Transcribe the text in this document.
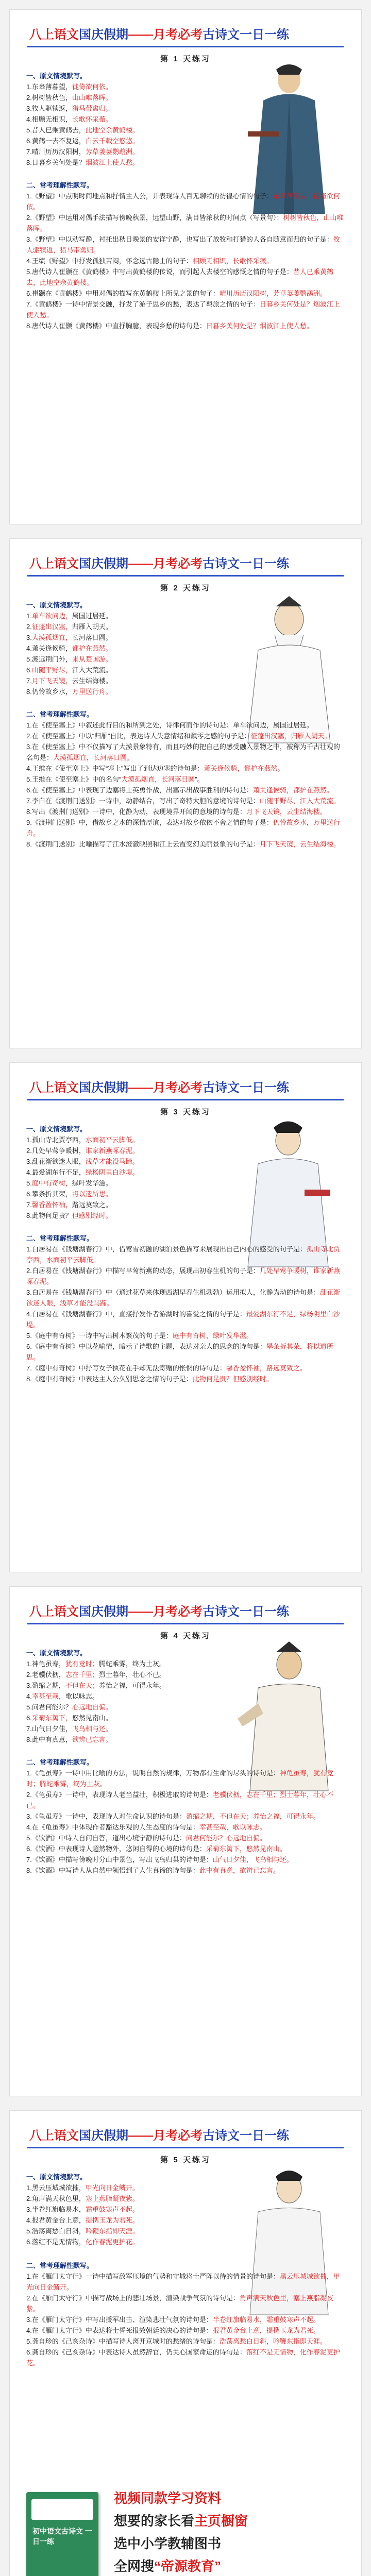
八上语文国庆假期——月考必考古诗文一日一练
第 1 天练习
一、原文情境默写。
1.东皋薄暮望，徙倚欲何依。
2.树树皆秋色，山山唯落晖。
3.牧人驱犊返，猎马带禽归。
4.相顾无相识，长歌怀采薇。
5.昔人已乘黄鹤去，此地空余黄鹤楼。
6.黄鹤一去不复返，白云千载空悠悠。
7.晴川历历汉阳树，芳草萋萋鹦鹉洲。
8.日暮乡关何处是？烟波江上使人愁。
二、常考理解性默写。
1.《野望》中点明时间地点和抒情主人公，并表现诗人百无聊赖的彷徨心情的句子：东皋薄暮望，徙倚欲何依。
2.《野望》中运用对偶手法描写傍晚秋景，远望山野，满目皆浓秋的时间点（写景句）：树树皆秋色，山山唯落晖。
3.《野望》中以动写静，衬托出秋日晚景的安详宁静，也写出了放牧和打猎的人各自随意而归的句子是：牧人驱犊返，猎马带禽归。
4.王绩《野望》中抒发孤独苦闷，怀念远古隐士的句子：相顾无相识，长歌怀采薇。
5.唐代诗人崔颢在《黄鹤楼》中写出黄鹤楼的传说，而引起人去楼空的感慨之情的句子是：昔人已乘黄鹤去，此地空余黄鹤楼。
6.崔颢在《黄鹤楼》中用对偶的描写在黄鹤楼上所见之景的句子：晴川历历汉阳树，芳草萋萋鹦鹉洲。
7.《黄鹤楼》一诗中情景交融，抒发了游子思乡的愁，表达了羁旅之情的句子：日暮乡关何处是？烟波江上使人愁。
8.唐代诗人崔颢《黄鹤楼》中直抒胸臆，表现乡愁的诗句是：日暮乡关何处是？烟波江上使人愁。
八上语文国庆假期——月考必考古诗文一日一练
第 2 天练习
一、原文情境默写。
1.单车欲问边，属国过居延。
2.征蓬出汉塞，归雁入胡天。
3.大漠孤烟直，长河落日圆。
4.萧关逢候骑，都护在燕然。
5.渡远荆门外，来从楚国游。
6.山随平野尽，江入大荒流。
7.月下飞天镜，云生结海楼。
8.仍怜故乡水，万里送行舟。
二、常考理解性默写。
1.在《使至塞上》中叙述此行目的和所到之处，诗律何而作的诗句是：单车欲问边，属国过居延。
2.在《使至塞上》中以“归雁”自比，表达诗人失意情绪和飘零之感的句子是：征蓬出汉塞，归雁入胡天。
3.在《使至塞上》中不仅描写了大漠景象特有，而且巧妙的把自己的感受融入景物之中，被称为千古壮观的名句是：大漠孤烟直，长河落日圆。
4.王维在《使至塞上》中写“塞上”写出了到达边塞的诗句是：萧关逢候骑，都护在燕然。
5.王维在《使至塞上》中的名句“大漠孤烟直，长河落日圆”。
6.在《使至塞上》中表现了边塞将士英勇作战，出塞示出战事胜利的诗句是：萧关逢候骑，都护在燕然。
7.李白在《渡荆门送别》一诗中，动静结合，写出了奇特大胆的意境的诗句是：山随平野尽，江入大荒流。
8.写出《渡荆门送别》一诗中，化静为动，表现境界开阔的意境的诗句是：月下飞天镜，云生结海楼。
9.《渡荆门送别》中，借故乡之水的深情厚谊，表达对故乡依依不舍之情的句子是：仍怜故乡水，万里送行舟。
8.《渡荆门送别》比喻描写了江水澄澈映照和江上云霞变幻美丽景象的句子是：月下飞天镜，云生结海楼。
八上语文国庆假期——月考必考古诗文一日一练
第 3 天练习
一、原文情境默写。
1.孤山寺北贾亭西，水面初平云脚低。
2.几处早莺争暖树，谁家新燕啄春泥。
3.乱花渐欲迷人眼，浅草才能没马蹄。
4.最爱湖东行不足，绿杨阴里白沙堤。
5.庭中有奇树，绿叶发华滋。
6.攀条折其荣，将以遗所思。
7.馨香盈怀袖，路远莫致之。
8.此物何足贵？但感别经时。
二、常考理解性默写。
1.白居易在《钱塘湖春行》中，借莺雪初融的湖泊景色描写来展现出自己内心的感受的句子是：孤山寺北贾亭西，水面初平云脚低。
2.白居易在《钱塘湖春行》中描写早莺新燕的动态，展现出初春生机的句子是：几处早莺争暖树，谁家新燕啄春泥。
3.白居易在《钱塘湖春行》中（通过花草来体现西湖早春生机勃勃）运用拟人，化静为动的诗句是：乱花渐欲迷人眼，浅草才能没马蹄。
4.白居易在《钱塘湖春行》中，直接抒发作者游湖时的喜爱之情的句子是：最爱湖东行不足，绿杨阴里白沙堤。
5.《庭中有奇树》一诗中写出树木繁茂的句子是：庭中有奇树，绿叶发华滋。
6.《庭中有奇树》中以花喻情，暗示了诗歌的主题，表达对亲人的思念的诗句是：攀条折其荣，将以遗所思。
7.《庭中有奇树》中抒写女子执花在手却无法寄赠的怅惘的诗句是：馨香盈怀袖，路远莫致之。
8.《庭中有奇树》中表达主人公久别思念之情的句子是：此物何足贵？但感别经时。
八上语文国庆假期——月考必考古诗文一日一练
第 4 天练习
一、原文情境默写。
1.神龟虽寿，犹有竟时；腾蛇乘雾，终为土灰。
2.老骥伏枥，志在千里；烈士暮年，壮心不已。
3.盈缩之期，不但在天；养怡之福，可得永年。
4.幸甚至哉，歌以咏志。
5.问君何能尔？心远地自偏。
6.采菊东篱下，悠然见南山。
7.山气日夕佳，飞鸟相与还。
8.此中有真意，欲辨已忘言。
二、常考理解性默写。
1.《龟虽寿》一诗中用比喻的方法，说明自然的规律，万物都有生命的尽头的诗句是：神龟虽寿，犹有竟时；腾蛇乘雾，终为土灰。
2.《龟虽寿》一诗中，表现诗人老当益壮，积极进取的诗句是：老骥伏枥，志在千里；烈士暮年，壮心不已。
3.《龟虽寿》一诗中，表现诗人对生命认识的诗句是：盈缩之期，不但在天；养怡之福，可得永年。
4.在《龟虽寿》中体现作者豁达乐观的人生态度的诗句是：幸甚至哉，歌以咏志。
5.《饮酒》中诗人自问自答，道出心境宁静的诗句是：问君何能尔？心远地自偏。
6.《饮酒》中表现诗人超然物外，悠闲自得的心境的诗句是：采菊东篱下，悠然见南山。
7.《饮酒》中描写傍晚时分山中景色，写出飞鸟归巢的诗句是：山气日夕佳，飞鸟相与还。
8.《饮酒》中写诗人从自然中领悟到了人生真谛的诗句是：此中有真意，欲辨已忘言。
八上语文国庆假期——月考必考古诗文一日一练
第 5 天练习
一、原文情境默写。
1.黑云压城城欲摧，甲光向日金鳞开。
2.角声满天秋色里，塞上燕脂凝夜紫。
3.半卷红旗临易水，霜重鼓寒声不起。
4.报君黄金台上意，提携玉龙为君死。
5.浩荡离愁白日斜，吟鞭东指即天涯。
6.落红不是无情物，化作春泥更护花。
二、常考理解性默写。
1.在《雁门太守行》一诗中描写敌军压境的气势和守城将士严阵以待的情景的诗句是：黑云压城城欲摧，甲光向日金鳞开。
2.在《雁门太守行》中描写战场上的悲壮场景，渲染战争气氛的诗句是：角声满天秋色里，塞上燕脂凝夜紫。
3.在《雁门太守行》中写出援军出击、渲染悲壮气氛的诗句是：半卷红旗临易水，霜重鼓寒声不起。
4.在《雁门太守行》中表达将士誓死报效朝廷的决心的诗句是：报君黄金台上意，提携玉龙为君死。
5.龚自珍的《己亥杂诗》中描写诗人离开京城时的愁绪的诗句是：浩荡离愁白日斜，吟鞭东指即天涯。
6.龚自珍的《己亥杂诗》中表达诗人虽然辞官，仍关心国家命运的诗句是：落红不是无情物，化作春泥更护花。
初中语文古诗文 一日一练
视频同款学习资料
想要的家长看主页橱窗
选中小学教辅图书
全网搜“帝源教育”
